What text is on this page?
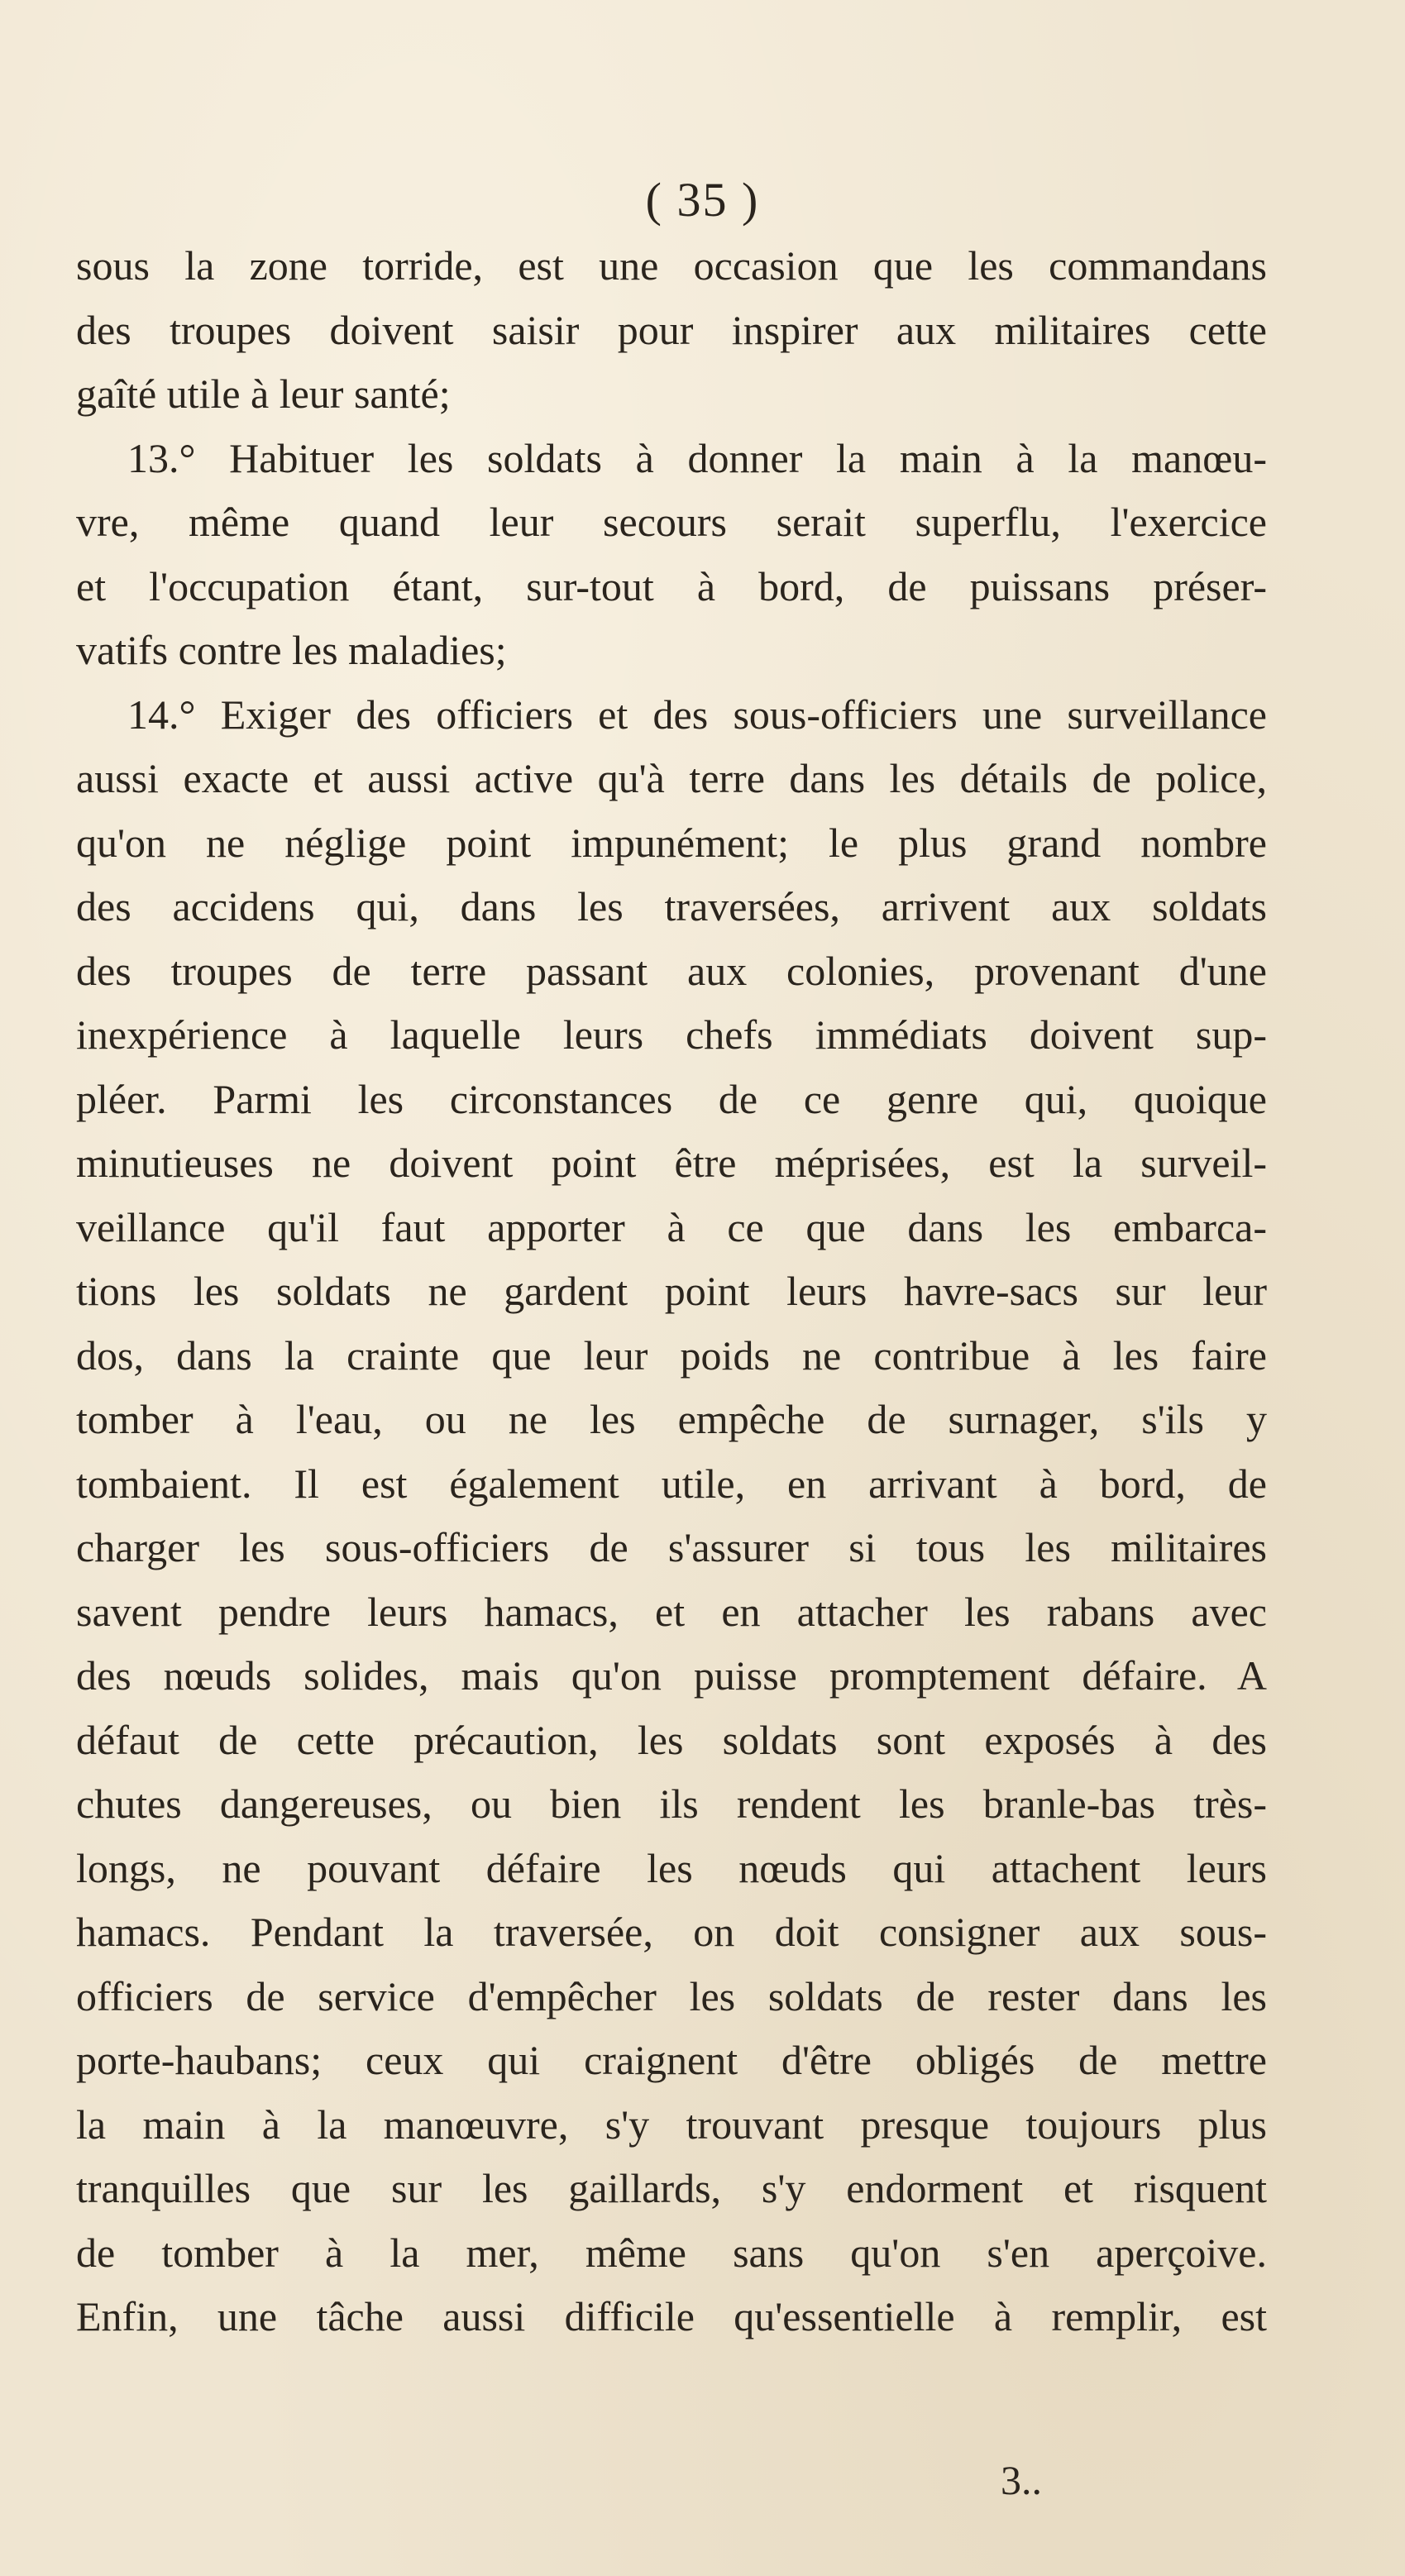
( 35 )
sous la zone torride, est une occasion que les commandans
des troupes doivent saisir pour inspirer aux militaires cette
gaîté utile à leur santé;
13.° Habituer les soldats à donner la main à la manœu-
vre, même quand leur secours serait superflu, l'exercice
et l'occupation étant, sur-tout à bord, de puissans préser-
vatifs contre les maladies;
14.° Exiger des officiers et des sous-officiers une surveillance
aussi exacte et aussi active qu'à terre dans les détails de police,
qu'on ne néglige point impunément; le plus grand nombre
des accidens qui, dans les traversées, arrivent aux soldats
des troupes de terre passant aux colonies, provenant d'une
inexpérience à laquelle leurs chefs immédiats doivent sup-
pléer. Parmi les circonstances de ce genre qui, quoique
minutieuses ne doivent point être méprisées, est la surveil-
veillance qu'il faut apporter à ce que dans les embarca-
tions les soldats ne gardent point leurs havre-sacs sur leur
dos, dans la crainte que leur poids ne contribue à les faire
tomber à l'eau, ou ne les empêche de surnager, s'ils y
tombaient. Il est également utile, en arrivant à bord, de
charger les sous-officiers de s'assurer si tous les militaires
savent pendre leurs hamacs, et en attacher les rabans avec
des nœuds solides, mais qu'on puisse promptement défaire. A
défaut de cette précaution, les soldats sont exposés à des
chutes dangereuses, ou bien ils rendent les branle-bas très-
longs, ne pouvant défaire les nœuds qui attachent leurs
hamacs. Pendant la traversée, on doit consigner aux sous-
officiers de service d'empêcher les soldats de rester dans les
porte-haubans; ceux qui craignent d'être obligés de mettre
la main à la manœuvre, s'y trouvant presque toujours plus
tranquilles que sur les gaillards, s'y endorment et risquent
de tomber à la mer, même sans qu'on s'en aperçoive.
Enfin, une tâche aussi difficile qu'essentielle à remplir, est
3..
